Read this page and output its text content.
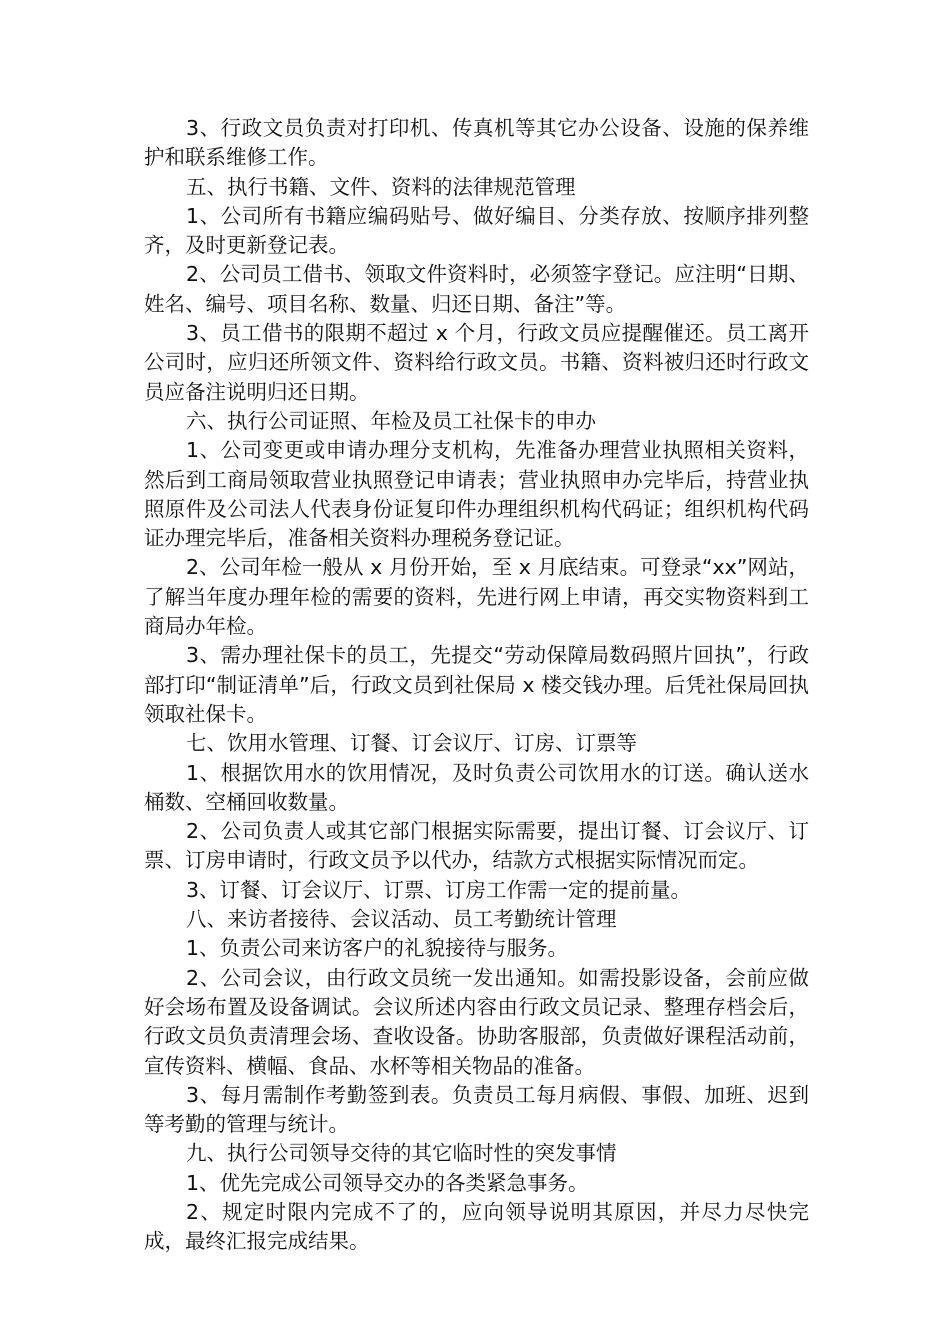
3、行政文员负责对打印机、传真机等其它办公设备、设施的保养维护和联系维修工作。

五、执行书籍、文件、资料的法律规范管理

1、公司所有书籍应编码贴号、做好编目、分类存放、按顺序排列整齐，及时更新登记表。

2、公司员工借书、领取文件资料时，必须签字登记。应注明“日期、姓名、编号、项目名称、数量、归还日期、备注”等。

3、员工借书的限期不超过 x 个月，行政文员应提醒催还。员工离开公司时，应归还所领文件、资料给行政文员。书籍、资料被归还时行政文员应备注说明归还日期。

六、执行公司证照、年检及员工社保卡的申办

1、公司变更或申请办理分支机构，先准备办理营业执照相关资料，然后到工商局领取营业执照登记申请表；营业执照申办完毕后，持营业执照原件及公司法人代表身份证复印件办理组织机构代码证；组织机构代码证办理完毕后，准备相关资料办理税务登记证。

2、公司年检一般从 x 月份开始，至 x 月底结束。可登录“xx”网站，了解当年度办理年检的需要的资料，先进行网上申请，再交实物资料到工商局办年检。

3、需办理社保卡的员工，先提交“劳动保障局数码照片回执”，行政部打印“制证清单”后，行政文员到社保局 x 楼交钱办理。后凭社保局回执领取社保卡。

七、饮用水管理、订餐、订会议厅、订房、订票等

1、根据饮用水的饮用情况，及时负责公司饮用水的订送。确认送水桶数、空桶回收数量。

2、公司负责人或其它部门根据实际需要，提出订餐、订会议厅、订票、订房申请时，行政文员予以代办，结款方式根据实际情况而定。

3、订餐、订会议厅、订票、订房工作需一定的提前量。

八、来访者接待、会议活动、员工考勤统计管理

1、负责公司来访客户的礼貌接待与服务。

2、公司会议，由行政文员统一发出通知。如需投影设备，会前应做好会场布置及设备调试。会议所述内容由行政文员记录、整理存档会后，行政文员负责清理会场、查收设备。协助客服部，负责做好课程活动前，宣传资料、横幅、食品、水杯等相关物品的准备。

3、每月需制作考勤签到表。负责员工每月病假、事假、加班、迟到等考勤的管理与统计。

九、执行公司领导交待的其它临时性的突发事情

1、优先完成公司领导交办的各类紧急事务。

2、规定时限内完成不了的，应向领导说明其原因，并尽力尽快完成，最终汇报完成结果。
